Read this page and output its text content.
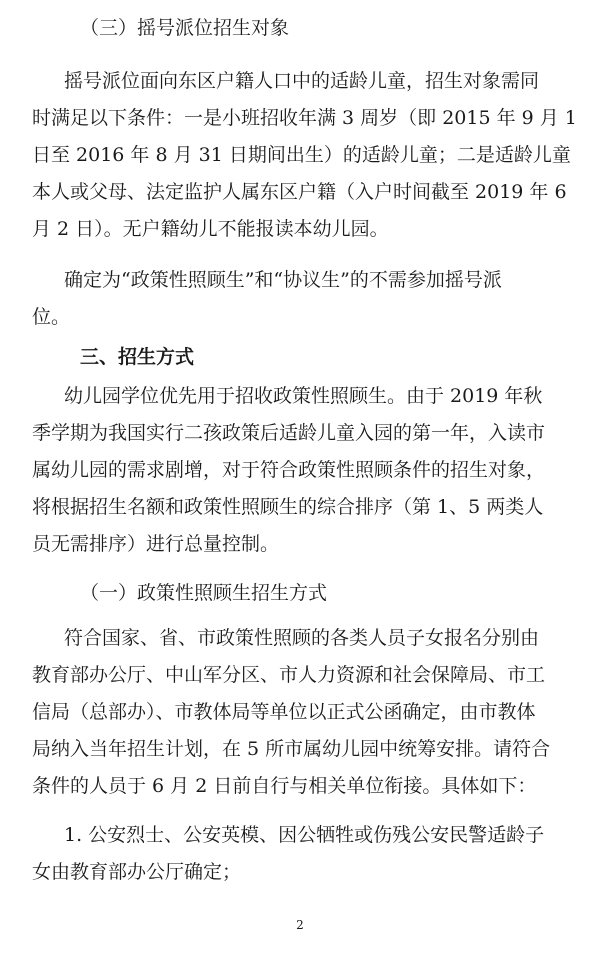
（三）摇号派位招生对象
摇号派位面向东区户籍人口中的适龄儿童，招生对象需同
时满足以下条件：一是小班招收年满 3 周岁（即 2015 年 9 月 1
日至 2016 年 8 月 31 日期间出生）的适龄儿童；二是适龄儿童
本人或父母、法定监护人属东区户籍（入户时间截至 2019 年 6
月 2 日）。无户籍幼儿不能报读本幼儿园。
确定为“政策性照顾生”和“协议生”的不需参加摇号派
位。
三、招生方式
幼儿园学位优先用于招收政策性照顾生。由于 2019 年秋
季学期为我国实行二孩政策后适龄儿童入园的第一年，入读市
属幼儿园的需求剧增，对于符合政策性照顾条件的招生对象，
将根据招生名额和政策性照顾生的综合排序（第 1、5 两类人
员无需排序）进行总量控制。
（一）政策性照顾生招生方式
符合国家、省、市政策性照顾的各类人员子女报名分别由
教育部办公厅、中山军分区、市人力资源和社会保障局、市工
信局（总部办）、市教体局等单位以正式公函确定，由市教体
局纳入当年招生计划，在 5 所市属幼儿园中统筹安排。请符合
条件的人员于 6 月 2 日前自行与相关单位衔接。具体如下：
1. 公安烈士、公安英模、因公牺牲或伤残公安民警适龄子
女由教育部办公厅确定；
2
